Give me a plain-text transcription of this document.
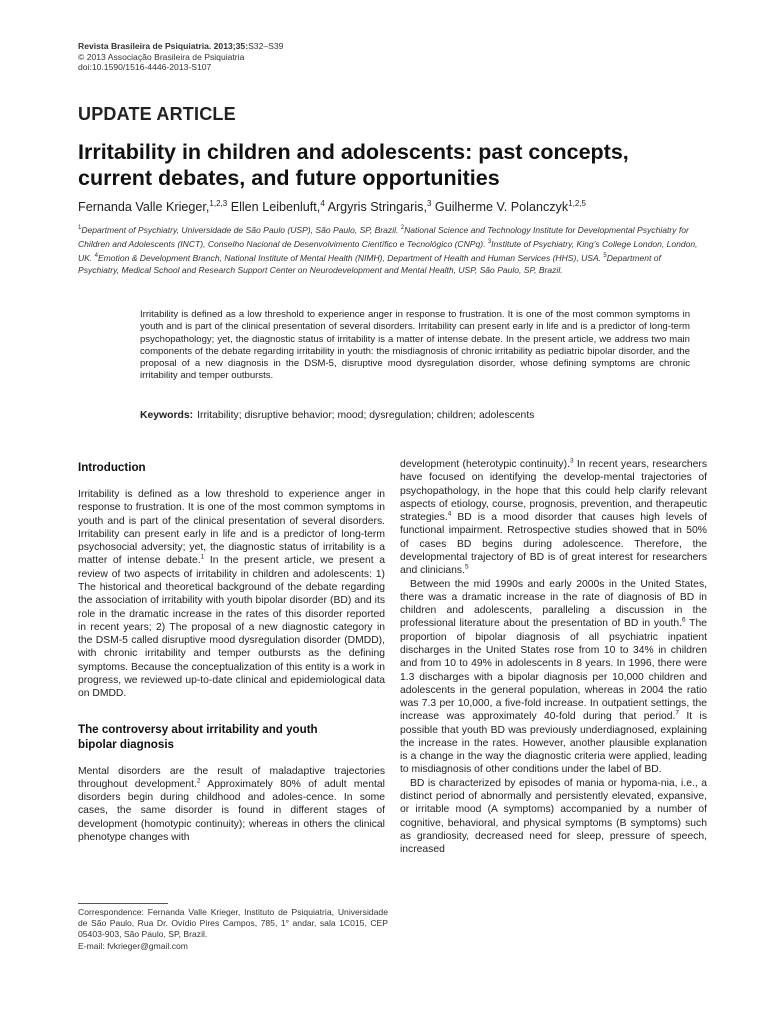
Revista Brasileira de Psiquiatria. 2013;35:S32–S39
© 2013 Associação Brasileira de Psiquiatria
doi:10.1590/1516-4446-2013-S107
UPDATE ARTICLE
Irritability in children and adolescents: past concepts,
current debates, and future opportunities
Fernanda Valle Krieger,$^{1,2,3}$ Ellen Leibenluft,$^4$ Argyris Stringaris,$^3$ Guilherme V. Polanczyk$^{1,2,5}$
$^1$Department of Psychiatry, Universidade de São Paulo (USP), São Paulo, SP, Brazil. $^2$National Science and Technology Institute for Developmental Psychiatry for Children and Adolescents (INCT), Conselho Nacional de Desenvolvimento Científico e Tecnológico (CNPq). $^3$Institute of Psychiatry, King’s College London, London, UK. $^4$Emotion & Development Branch, National Institute of Mental Health (NIMH), Department of Health and Human Services (HHS), USA. $^5$Department of Psychiatry, Medical School and Research Support Center on Neurodevelopment and Mental Health, USP, São Paulo, SP, Brazil.
Irritability is defined as a low threshold to experience anger in response to frustration. It is one of the most common symptoms in youth and is part of the clinical presentation of several disorders. Irritability can present early in life and is a predictor of long-term psychopathology; yet, the diagnostic status of irritability is a matter of intense debate. In the present article, we address two main components of the debate regarding irritability in youth: the misdiagnosis of chronic irritability as pediatric bipolar disorder, and the proposal of a new diagnosis in the DSM-5, disruptive mood dysregulation disorder, whose defining symptoms are chronic irritability and temper outbursts.
Keywords: Irritability; disruptive behavior; mood; dysregulation; children; adolescents
Introduction

Irritability is defined as a low threshold to experience anger in response to frustration. It is one of the most common symptoms in youth and is part of the clinical presentation of several disorders. Irritability can present early in life and is a predictor of long-term psychosocial adversity; yet, the diagnostic status of irritability is a matter of intense debate.$^1$ In the present article, we present a review of two aspects of irritability in children and adolescents: 1) The historical and theoretical background of the debate regarding the association of irritability with youth bipolar disorder (BD) and its role in the dramatic increase in the rates of this disorder reported in recent years; 2) The proposal of a new diagnostic category in the DSM-5 called disruptive mood dysregulation disorder (DMDD), with chronic irritability and temper outbursts as the defining symptoms. Because the conceptualization of this entity is a work in progress, we reviewed up-to-date clinical and epidemiological data on DMDD.

The controversy about irritability and youth
bipolar diagnosis

Mental disorders are the result of maladaptive trajectories throughout development.$^2$ Approximately 80% of adult mental disorders begin during childhood and adoles-cence. In some cases, the same disorder is found in different stages of development (homotypic continuity); whereas in others the clinical phenotype changes with

development (heterotypic continuity).$^3$ In recent years, researchers have focused on identifying the develop-mental trajectories of psychopathology, in the hope that this could help clarify relevant aspects of etiology, course, prognosis, prevention, and therapeutic strategies.$^4$ BD is a mood disorder that causes high levels of functional impairment. Retrospective studies showed that in 50% of cases BD begins during adolescence. Therefore, the developmental trajectory of BD is of great interest for researchers and clinicians.$^5$

Between the mid 1990s and early 2000s in the United States, there was a dramatic increase in the rate of diagnosis of BD in children and adolescents, paralleling a discussion in the professional literature about the presentation of BD in youth.$^6$ The proportion of bipolar diagnosis of all psychiatric inpatient discharges in the United States rose from 10 to 34% in children and from 10 to 49% in adolescents in 8 years. In 1996, there were 1.3 discharges with a bipolar diagnosis per 10,000 children and adolescents in the general population, whereas in 2004 the ratio was 7.3 per 10,000, a five-fold increase. In outpatient settings, the increase was approximately 40-fold during that period.$^7$ It is possible that youth BD was previously underdiagnosed, explaining the increase in the rates. However, another plausible explanation is a change in the way the diagnostic criteria were applied, leading to misdiagnosis of other conditions under the label of BD.

BD is characterized by episodes of mania or hypoma-nia, i.e., a distinct period of abnormally and persistently elevated, expansive, or irritable mood (A symptoms) accompanied by a number of cognitive, behavioral, and physical symptoms (B symptoms) such as grandiosity, decreased need for sleep, pressure of speech, increased

Correspondence: Fernanda Valle Krieger, Instituto de Psiquiatria, Universidade de São Paulo, Rua Dr. Ovídio Pires Campos, 785, 1° andar, sala 1C015, CEP 05403-903, São Paulo, SP, Brazil.
E-mail: fvkrieger@gmail.com
